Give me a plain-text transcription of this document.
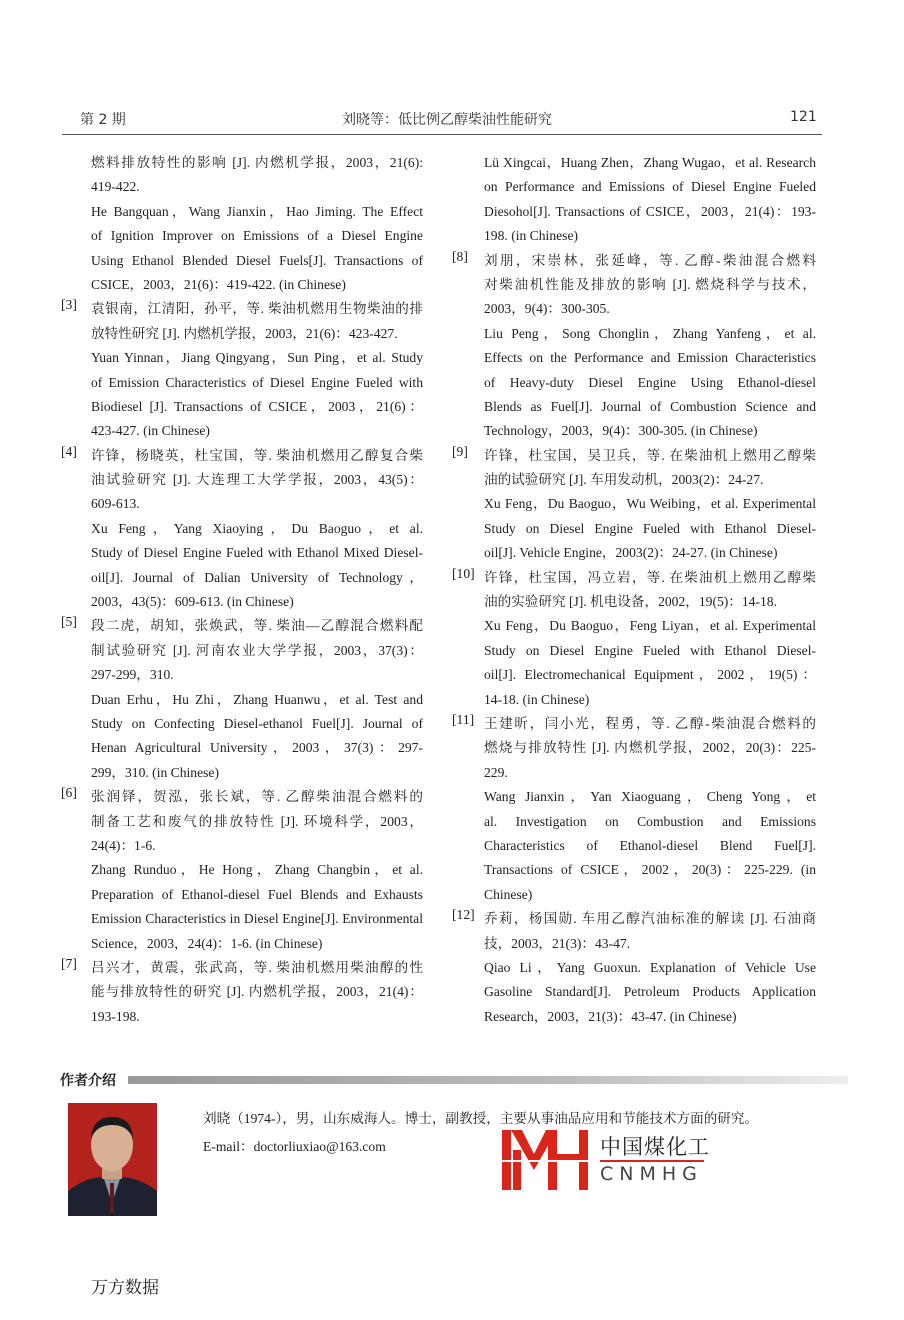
第 2 期	刘晓等：低比例乙醇柴油性能研究	121
燃料排放特性的影响 [J]. 内燃机学报，2003，21(6):
419-422.
He Bangquan，Wang Jianxin，Hao Jiming. The Effect
of Ignition Improver on Emissions of a Diesel Engine
Using Ethanol Blended Diesel Fuels[J]. Transactions of
CSICE，2003，21(6)：419-422. (in Chinese)
[3] 袁银南，江清阳，孙平，等. 柴油机燃用生物柴油的排
放特性研究 [J]. 内燃机学报，2003，21(6)：423-427.
Yuan Yinnan，Jiang Qingyang，Sun Ping，et al. Study
of Emission Characteristics of Diesel Engine Fueled with
Biodiesel [J]. Transactions of CSICE，2003，21(6)：
423-427. (in Chinese)
[4] 许锋，杨晓英，杜宝国，等. 柴油机燃用乙醇复合柴
油试验研究 [J]. 大连理工大学学报，2003，43(5)：
609-613.
Xu Feng，Yang Xiaoying，Du Baoguo，et al.
Study of Diesel Engine Fueled with Ethanol Mixed Diesel-
oil[J]. Journal of Dalian University of Technology，
2003，43(5)：609-613. (in Chinese)
[5] 段二虎，胡知，张焕武，等. 柴油—乙醇混合燃料配
制试验研究 [J]. 河南农业大学学报，2003，37(3)：
297-299，310.
Duan Erhu，Hu Zhi，Zhang Huanwu，et al. Test and
Study on Confecting Diesel-ethanol Fuel[J]. Journal of
Henan Agricultural University，2003，37(3)：297-
299，310. (in Chinese)
[6] 张润铎，贺泓，张长斌，等. 乙醇柴油混合燃料的
制备工艺和废气的排放特性 [J]. 环境科学，2003，
24(4)：1-6.
Zhang Runduo，He Hong，Zhang Changbin，et al.
Preparation of Ethanol-diesel Fuel Blends and Exhausts
Emission Characteristics in Diesel Engine[J]. Environmental
Science，2003，24(4)：1-6. (in Chinese)
[7] 吕兴才，黄震，张武高，等. 柴油机燃用柴油醇的性
能与排放特性的研究 [J]. 内燃机学报，2003，21(4)：
193-198.
Lü Xingcai，Huang Zhen，Zhang Wugao，et al. Research
on Performance and Emissions of Diesel Engine Fueled
Diesohol[J]. Transactions of CSICE，2003，21(4)：193-
198. (in Chinese)
[8] 刘朋，宋崇林，张延峰，等. 乙醇-柴油混合燃料
对柴油机性能及排放的影响 [J]. 燃烧科学与技术，
2003，9(4)：300-305.
Liu Peng，Song Chonglin，Zhang Yanfeng，et al.
Effects on the Performance and Emission Characteristics
of Heavy-duty Diesel Engine Using Ethanol-diesel
Blends as Fuel[J]. Journal of Combustion Science and
Technology，2003，9(4)：300-305. (in Chinese)
[9] 许锋，杜宝国，吴卫兵，等. 在柴油机上燃用乙醇柴
油的试验研究 [J]. 车用发动机，2003(2)：24-27.
Xu Feng，Du Baoguo，Wu Weibing，et al. Experimental
Study on Diesel Engine Fueled with Ethanol Diesel-
oil[J]. Vehicle Engine，2003(2)：24-27. (in Chinese)
[10] 许锋，杜宝国，冯立岩，等. 在柴油机上燃用乙醇柴
油的实验研究 [J]. 机电设备，2002，19(5)：14-18.
Xu Feng，Du Baoguo，Feng Liyan，et al. Experimental
Study on Diesel Engine Fueled with Ethanol Diesel-
oil[J]. Electromechanical Equipment，2002，19(5)：
14-18. (in Chinese)
[11] 王建昕，闫小光，程勇，等. 乙醇-柴油混合燃料的
燃烧与排放特性 [J]. 内燃机学报，2002，20(3)：225-
229.
Wang Jianxin，Yan Xiaoguang，Cheng Yong，et
al. Investigation on Combustion and Emissions
Characteristics of Ethanol-diesel Blend Fuel[J].
Transactions of CSICE，2002，20(3)：225-229. (in
Chinese)
[12] 乔莉，杨国勋. 车用乙醇汽油标准的解读 [J]. 石油商
技，2003，21(3)：43-47.
Qiao Li，Yang Guoxun. Explanation of Vehicle Use
Gasoline Standard[J]. Petroleum Products Application
Research，2003，21(3)：43-47. (in Chinese)
作者介绍
刘晓（1974-），男，山东威海人。博士，副教授，主要从事油品应用和节能技术方面的研究。
E-mail：doctorliuxiao@163.com	中国煤化工
CNMHG
万方数据
